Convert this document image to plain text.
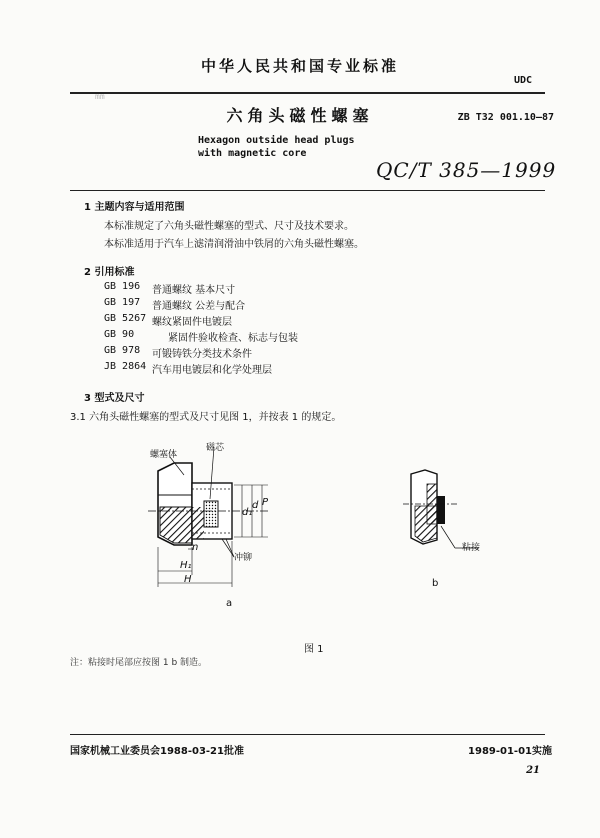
中华人民共和国专业标准
UDC
mm
六角头磁性螺塞	ZB T32 001.10—87
Hexagon outside head plugs
with magnetic core
QC/T 385—1999
1 主题内容与适用范围
本标准规定了六角头磁性螺塞的型式、尺寸及技术要求。
本标准适用于汽车上滤清润滑油中铁屑的六角头磁性螺塞。
2 引用标准
GB 196	普通螺纹 基本尺寸
GB 197	普通螺纹 公差与配合
GB 5267 螺纹紧固件电镀层
GB 90	紧固件验收检查、标志与包装
GB 978	可锻铸铁分类技术条件
JB 2864 汽车用电镀层和化学处理层
3 型式及尺寸
3.1 六角头磁性螺塞的型式及尺寸见图 1，并按表 1 的规定。
螺塞体
磁芯
冲铆
d₁
d P
H₁
H
n
a
粘接
b
图 1
注：粘接时尾部应按图 1 b 制造。
国家机械工业委员会1988-03-21批准	1989-01-01实施
21
